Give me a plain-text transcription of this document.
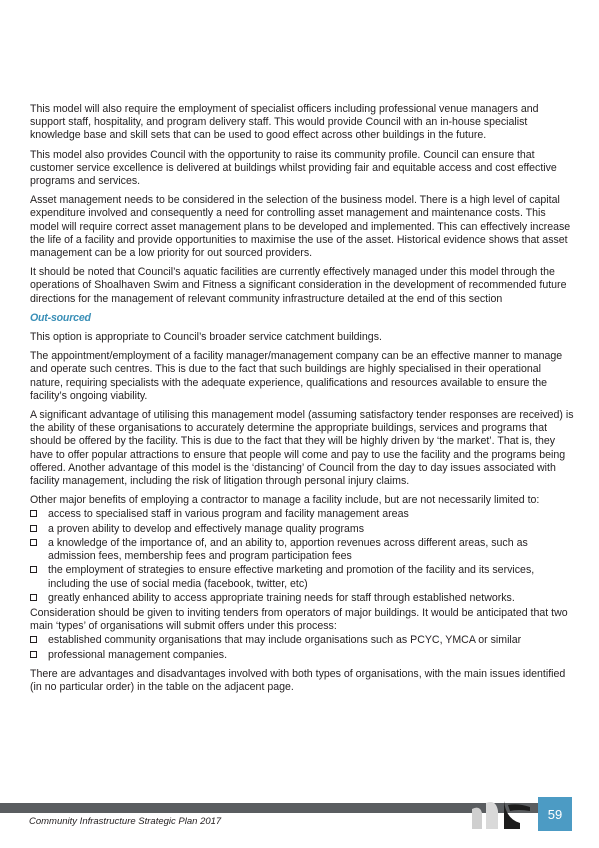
This model will also require the employment of specialist officers including professional venue managers and support staff, hospitality, and program delivery staff. This would provide Council with an in-house specialist knowledge base and skill sets that can be used to good effect across other buildings in the future.

This model also provides Council with the opportunity to raise its community profile. Council can ensure that customer service excellence is delivered at buildings whilst providing fair and equitable access and cost effective programs and services.

Asset management needs to be considered in the selection of the business model. There is a high level of capital expenditure involved and consequently a need for controlling asset management and maintenance costs. This model will require correct asset management plans to be developed and implemented. This can effectively increase the life of a facility and provide opportunities to maximise the use of the asset. Historical evidence shows that asset management can be a low priority for out sourced providers.

It should be noted that Council’s aquatic facilities are currently effectively managed under this model through the operations of Shoalhaven Swim and Fitness a significant consideration in the development of recommended future directions for the management of relevant community infrastructure detailed at the end of this section

Out-sourced

This option is appropriate to Council’s broader service catchment buildings.

The appointment/employment of a facility manager/management company can be an effective manner to manage and operate such centres. This is due to the fact that such buildings are highly specialised in their operational nature, requiring specialists with the adequate experience, qualifications and resources available to ensure the facility’s ongoing viability.

A significant advantage of utilising this management model (assuming satisfactory tender responses are received) is the ability of these organisations to accurately determine the appropriate buildings, services and programs that should be offered by the facility. This is due to the fact that they will be highly driven by ‘the market’. That is, they have to offer popular attractions to ensure that people will come and pay to use the facility and the programs being offered. Another advantage of this model is the ‘distancing’ of Council from the day to day issues associated with facility management, including the risk of litigation through personal injury claims.

Other major benefits of employing a contractor to manage a facility include, but are not necessarily limited to:

access to specialised staff in various program and facility management areas
a proven ability to develop and effectively manage quality programs
a knowledge of the importance of, and an ability to, apportion revenues across different areas, such as admission fees, membership fees and program participation fees
the employment of strategies to ensure effective marketing and promotion of the facility and its services, including the use of social media (facebook, twitter, etc)
greatly enhanced ability to access appropriate training needs for staff through established networks.

Consideration should be given to inviting tenders from operators of major buildings. It would be anticipated that two main ‘types’ of organisations will submit offers under this process:

established community organisations that may include organisations such as PCYC, YMCA or similar
professional management companies.

There are advantages and disadvantages involved with both types of organisations, with the main issues identified (in no particular order) in the table on the adjacent page.

59
Community Infrastructure Strategic Plan 2017
